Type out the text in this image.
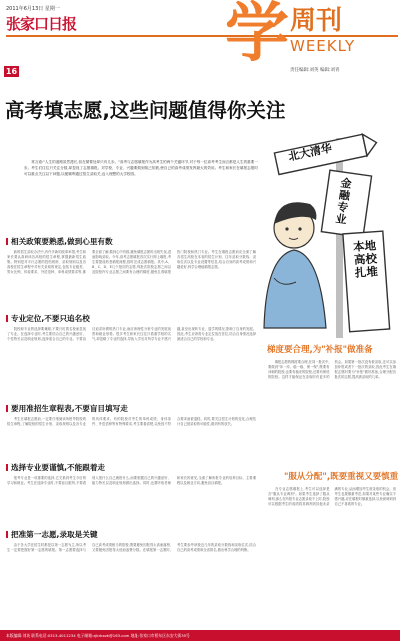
2011年6月13日 星期一
张家口日报
16
学 周刊
WEEKLY
责任编辑:刘英 编辑:刘青
高考填志愿,这些问题值得你关注
　　常言道:"人生的道路虽然漫长,但在紧要处却只有几步。"高考与志愿填报作为高考生的两个关键环节,对于每一位高考考生而言都是人生的重要一步。考生们往往只关注分数,却忽视了志愿填报。对学校、专业、兴趣要做到知己知彼,使自己的高考成绩发挥最大的效用。考生和家长在填报志愿时可以重点关注以下问题,以便顺利通过招生录取关,迈入理想的大学校园。
北大清华
金融专业
本地高校扎堆
相关政策要熟悉,做到心里有数
　　新的招生录取办法中,有许多新的改革举措,考生和家长要认真研读各高校的招生章程,掌握最新招生政策。特别是对平行志愿的投档规则、录取规则以及各高校在招生章程中对有关录取的规定,包括专业级差、男女比例、体检要求、外语语种、单科成绩要求等,都要全面了解,做到心中有数,避免填报志愿时出现失误,进而影响录取。今年,高考志愿填报首次实行网上填报,考生要提前熟悉填报流程,按时完成志愿填报。其中,A、B、C、D、E几个批次的志愿,每批次院校志愿之间以及院校内专业志愿之间要有合理的梯度,避免扎堆填报热门院校和热门专业。考生在填报志愿前应全面了解各招生高校在本省的招生计划、往年录取分数线、录取位次以及专业设置等信息,结合自身的高考成绩和兴趣爱好,科学合理地填报志愿。
专业定位,不要只追名校
　　院校和专业的选择要兼顾,不要只盯着名校而忽视了专业。在选择专业时,考生要结合自己的兴趣爱好、个性特长以及职业规划,选择适合自己的专业。不要盲目追求所谓的热门专业,而应该理性分析专业的发展前景和就业形势。很多考生和家长往往只看重学校的名气,却忽略了专业的选择,导致入学后对所学专业不感兴趣,甚至出现转专业、退学的情况,影响了自身的发展。因此,考生应该将专业定位放在首位,结合自身情况选择最适合自己的学校和专业。
要用准招生章程表,不要盲目填写走
　　考生在填报志愿前,一定要仔细阅读所报考院校的招生章程,了解院校的招生计划、录取规则以及各专业的具体要求。有的院校对考生的单科成绩、身体条件、外语语种等有特殊要求,考生要看清楚,以免因不符合要求而被退档。同时,要关注招生计划的变化,合理估计自己被录取的可能性,做到有的放矢。
选择专业要谨慎,不能跟着走
　　报考专业是一项重要的选择,它关系到考生今后的学习和就业。考生在选择专业时,不要盲目跟风,不要看别人报什么自己就报什么,而要根据自己的兴趣爱好、能力特长以及职业规划做出选择。同时,也要听取老师和家长的意见,全面了解所报专业的培养目标、主要课程以及就业方向,避免盲目填报。
把准第一志愿,录取是关键
　　由于各大学在招生时都是以第一志愿为主,所以考生一定要把握好第一志愿的填报。第一志愿要选择与自己高考成绩相当的院校,既要避免因报得太高而落榜,又要避免因报得太低而浪费分数。在填报第一志愿时,考生要参考该校近几年的录取分数线和录取位次,结合自己的高考成绩和全省排名,做出科学合理的判断。
梯度要合理,为"补报"做准备
　　填报志愿的梯度要合理,在同一批次中,要做到"冲一冲、稳一稳、保一保",既要有冲刺的院校,也要有稳妥的院校,还要有保底的院校。这样才能保证在录取时有更多的机会。如果第一批次没有被录取,还可以参加补报或者下一批次的录取,因此考生在填报志愿时要为"补报"做好准备,合理分配各批次的志愿,提高被录取的几率。
"服从分配",既要重视又要慎重
　　在专业志愿填报上,考生可以选择是否"服从专业调剂"。如果考生选择了服从调剂,那么在所报专业志愿录取不上时,院校可以根据考生的成绩将其调剂到其他未录满的专业,从而增加考生被录取的机会。但考生也要慎重考虑,如果对某些专业确实不感兴趣,应在填报时慎重选择,以免被调剂到自己不喜欢的专业。
本版编辑:刘英 联系电话:0313-4011234 电子邮箱:zjkrbxzk@163.com 地址:张家口市桥东区东安大街35号
